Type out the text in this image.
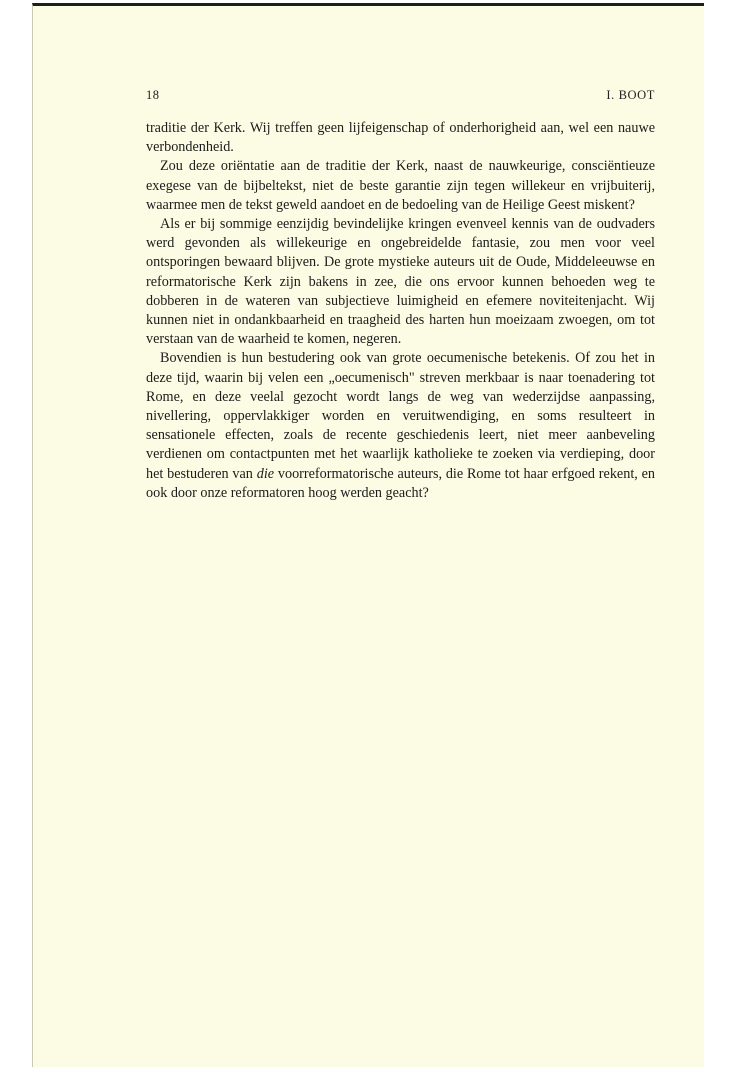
18	I. BOOT

traditie der Kerk. Wij treffen geen lijfeigenschap of onderhorigheid aan, wel een nauwe verbondenheid.

Zou deze oriëntatie aan de traditie der Kerk, naast de nauwkeurige, consciëntieuze exegese van de bijbeltekst, niet de beste garantie zijn tegen willekeur en vrijbuiterij, waarmee men de tekst geweld aandoet en de bedoeling van de Heilige Geest miskent?

Als er bij sommige eenzijdig bevindelijke kringen evenveel kennis van de oudvaders werd gevonden als willekeurige en ongebreidelde fantasie, zou men voor veel ontsporingen bewaard blijven. De grote mystieke auteurs uit de Oude, Middeleeuwse en reformatorische Kerk zijn bakens in zee, die ons ervoor kunnen behoeden weg te dobberen in de wateren van subjectieve luimigheid en efemere noviteitenjacht. Wij kunnen niet in ondankbaarheid en traagheid des harten hun moeizaam zwoegen, om tot verstaan van de waarheid te komen, negeren.

Bovendien is hun bestudering ook van grote oecumenische betekenis. Of zou het in deze tijd, waarin bij velen een „oecumenisch" streven merkbaar is naar toenadering tot Rome, en deze veelal gezocht wordt langs de weg van wederzijdse aanpassing, nivellering, oppervlakkiger worden en veruitwendiging, en soms resulteert in sensationele effecten, zoals de recente geschiedenis leert, niet meer aanbeveling verdienen om contactpunten met het waarlijk katholieke te zoeken via verdieping, door het bestuderen van die voorreformatorische auteurs, die Rome tot haar erfgoed rekent, en ook door onze reformatoren hoog werden geacht?
